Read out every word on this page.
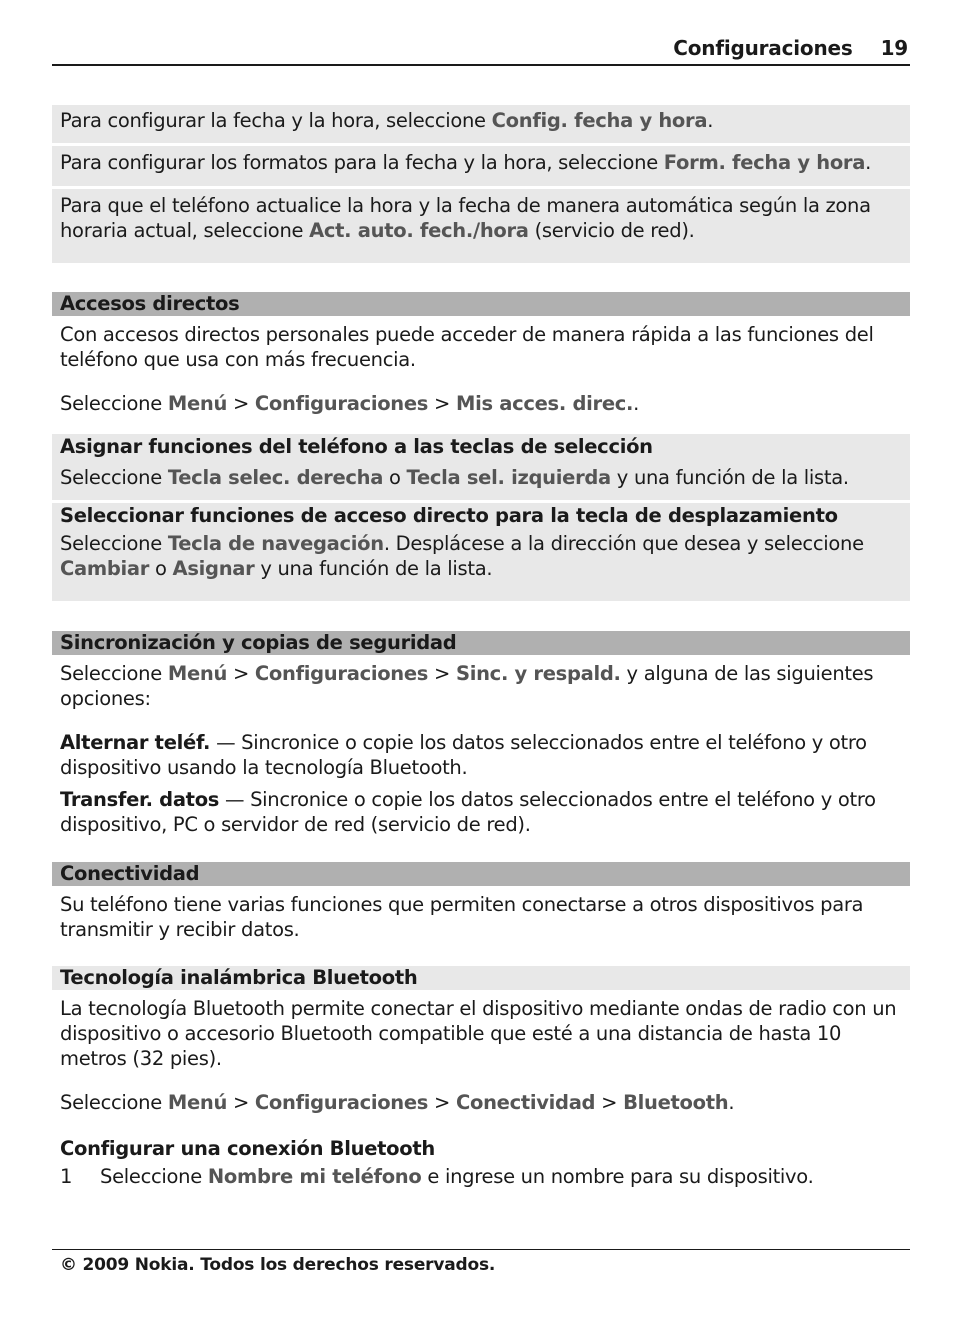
Configuraciones 19

Para configurar la fecha y la hora, seleccione Config. fecha y hora.

Para configurar los formatos para la fecha y la hora, seleccione Form. fecha y hora.

Para que el teléfono actualice la hora y la fecha de manera automática según la zona horaria actual, seleccione Act. auto. fech./hora (servicio de red).

Accesos directos

Con accesos directos personales puede acceder de manera rápida a las funciones del teléfono que usa con más frecuencia.

Seleccione Menú > Configuraciones > Mis acces. direc..

Asignar funciones del teléfono a las teclas de selección

Seleccione Tecla selec. derecha o Tecla sel. izquierda y una función de la lista.

Seleccionar funciones de acceso directo para la tecla de desplazamiento

Seleccione Tecla de navegación. Desplácese a la dirección que desea y seleccione Cambiar o Asignar y una función de la lista.

Sincronización y copias de seguridad

Seleccione Menú > Configuraciones > Sinc. y respald. y alguna de las siguientes opciones:

Alternar teléf. — Sincronice o copie los datos seleccionados entre el teléfono y otro dispositivo usando la tecnología Bluetooth.

Transfer. datos — Sincronice o copie los datos seleccionados entre el teléfono y otro dispositivo, PC o servidor de red (servicio de red).

Conectividad

Su teléfono tiene varias funciones que permiten conectarse a otros dispositivos para transmitir y recibir datos.

Tecnología inalámbrica Bluetooth

La tecnología Bluetooth permite conectar el dispositivo mediante ondas de radio con un dispositivo o accesorio Bluetooth compatible que esté a una distancia de hasta 10 metros (32 pies).

Seleccione Menú > Configuraciones > Conectividad > Bluetooth.

Configurar una conexión Bluetooth

1	Seleccione Nombre mi teléfono e ingrese un nombre para su dispositivo.
© 2009 Nokia. Todos los derechos reservados.
